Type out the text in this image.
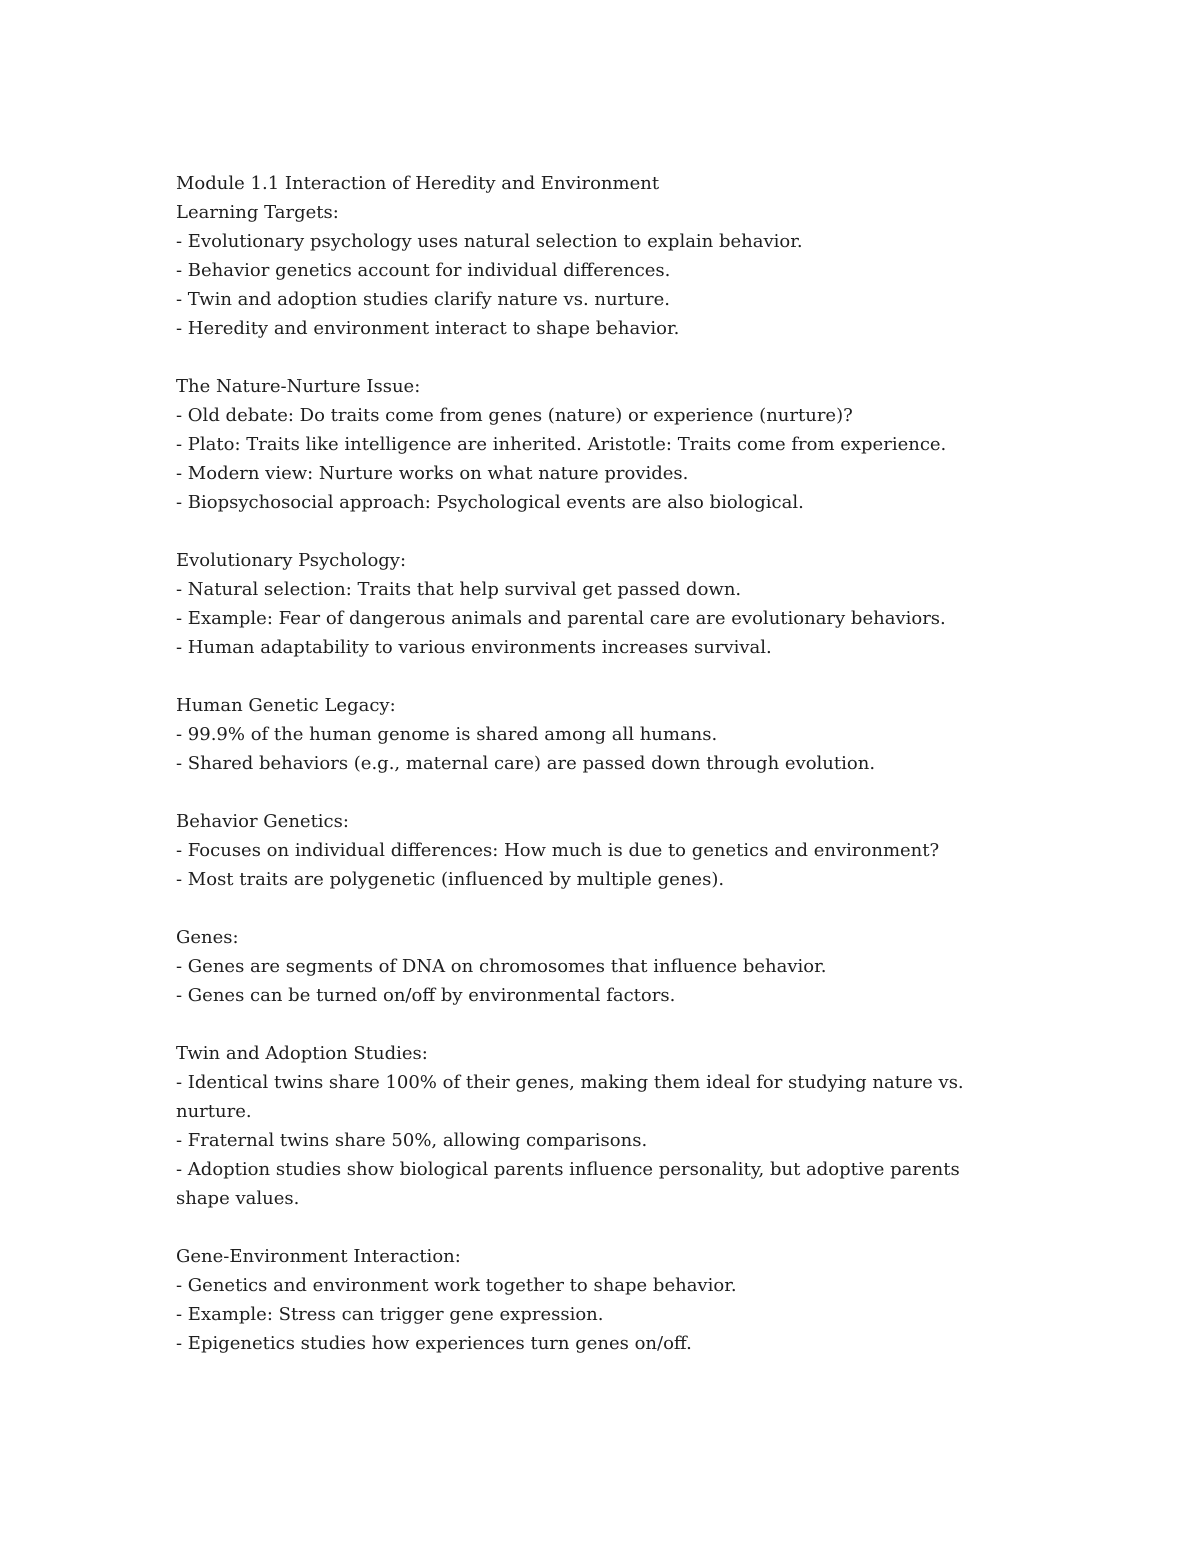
Module 1.1 Interaction of Heredity and Environment
Learning Targets:
- Evolutionary psychology uses natural selection to explain behavior.
- Behavior genetics account for individual differences.
- Twin and adoption studies clarify nature vs. nurture.
- Heredity and environment interact to shape behavior.
The Nature-Nurture Issue:
- Old debate: Do traits come from genes (nature) or experience (nurture)?
- Plato: Traits like intelligence are inherited. Aristotle: Traits come from experience.
- Modern view: Nurture works on what nature provides.
- Biopsychosocial approach: Psychological events are also biological.
Evolutionary Psychology:
- Natural selection: Traits that help survival get passed down.
- Example: Fear of dangerous animals and parental care are evolutionary behaviors.
- Human adaptability to various environments increases survival.
Human Genetic Legacy:
- 99.9% of the human genome is shared among all humans.
- Shared behaviors (e.g., maternal care) are passed down through evolution.
Behavior Genetics:
- Focuses on individual differences: How much is due to genetics and environment?
- Most traits are polygenetic (influenced by multiple genes).
Genes:
- Genes are segments of DNA on chromosomes that influence behavior.
- Genes can be turned on/off by environmental factors.
Twin and Adoption Studies:
- Identical twins share 100% of their genes, making them ideal for studying nature vs. nurture.
- Fraternal twins share 50%, allowing comparisons.
- Adoption studies show biological parents influence personality, but adoptive parents shape values.
Gene-Environment Interaction:
- Genetics and environment work together to shape behavior.
- Example: Stress can trigger gene expression.
- Epigenetics studies how experiences turn genes on/off.
